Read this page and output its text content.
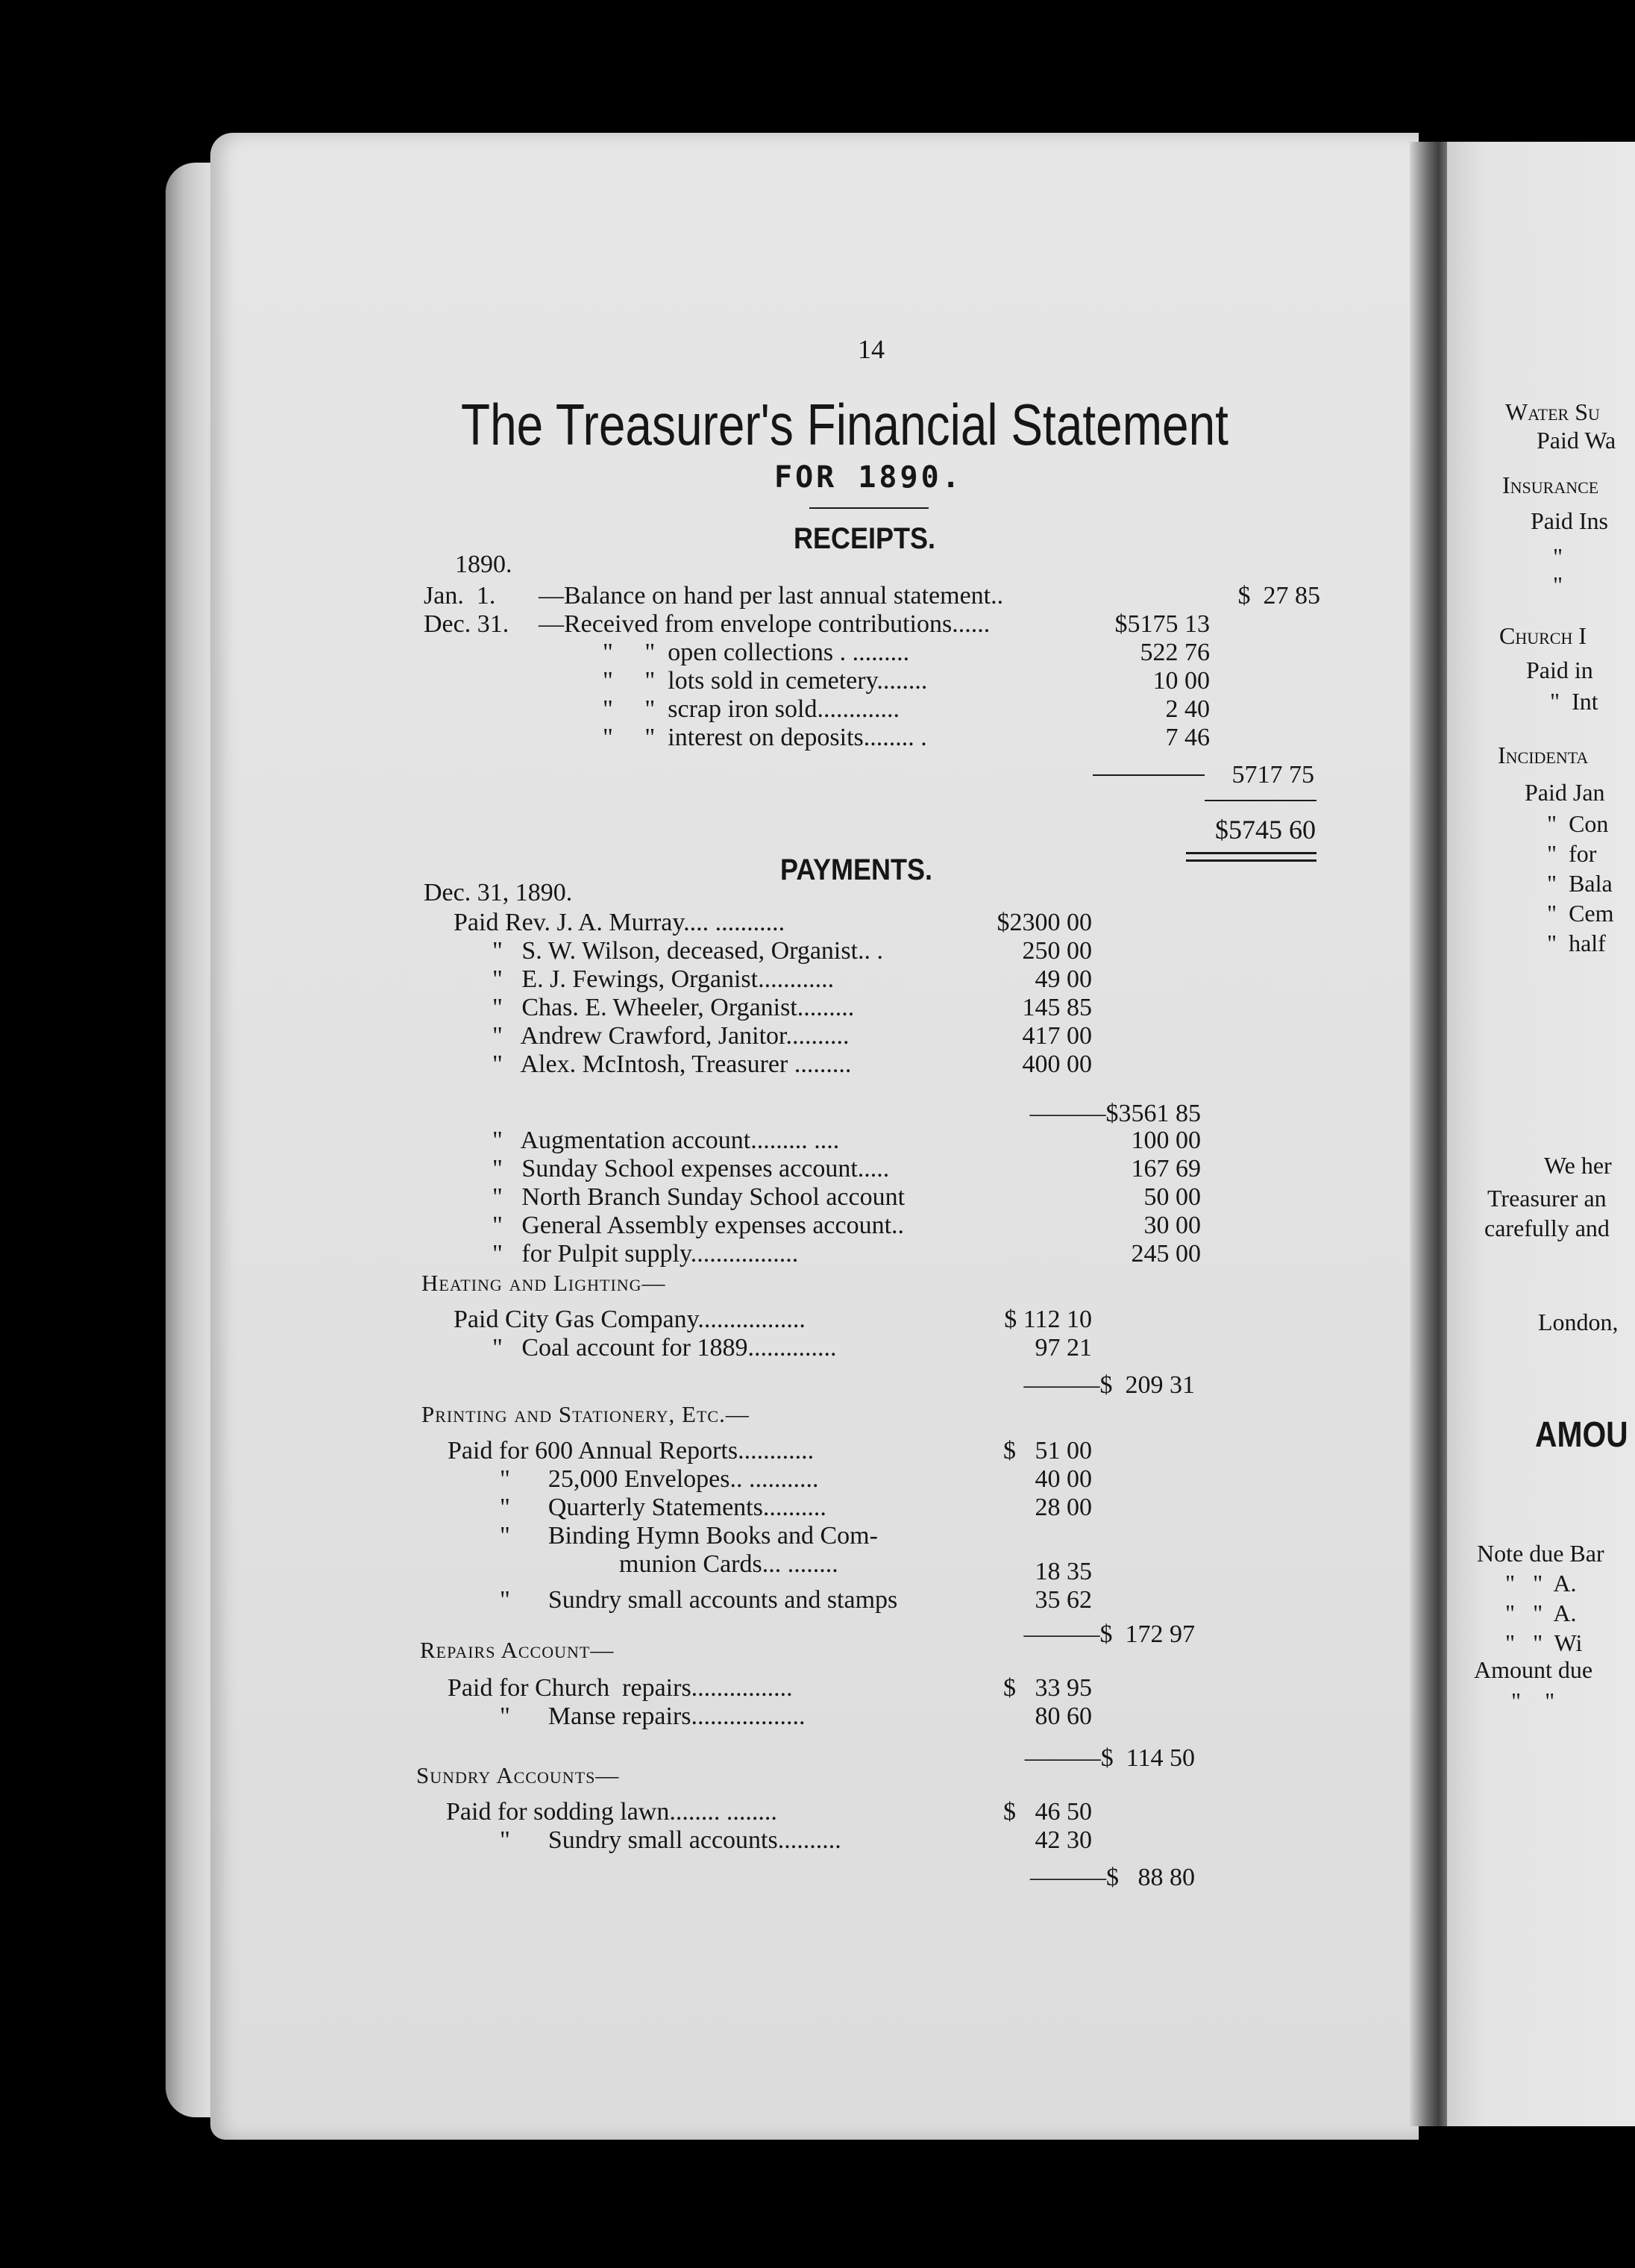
14
The Treasurer's Financial Statement
FOR 1890.
RECEIPTS.
1890.
Jan.  1. —Balance on hand per last annual statement..	$  27 85
Dec. 31. —Received from envelope contributions......	$5175 13
"     "  open collections . .........	522 76
"     "  lots sold in cemetery........	10 00
"     "  scrap iron sold.............	2 40
"     "  interest on deposits........ .	7 46
5717 75
$5745 60
PAYMENTS.
Dec. 31, 1890.
Paid Rev. J. A. Murray.... ...........	$2300 00
"   S. W. Wilson, deceased, Organist.. .	250 00
"   E. J. Fewings, Organist............	49 00
"   Chas. E. Wheeler, Organist.........	145 85
"   Andrew Crawford, Janitor..........	417 00
"   Alex. McIntosh, Treasurer .........	400 00
———$3561 85
"   Augmentation account......... ....	100 00
"   Sunday School expenses account.....	167 69
"   North Branch Sunday School account	50 00
"   General Assembly expenses account..	30 00
"   for Pulpit supply.................	245 00
Heating and Lighting—
Paid City Gas Company.................	$ 112 10
"   Coal account for 1889..............	97 21
———$  209 31
Printing and Stationery, Etc.—
Paid for 600 Annual Reports............	$   51 00
"      25,000 Envelopes.. ...........	40 00
"      Quarterly Statements..........	28 00
"      Binding Hymn Books and Com-
munion Cards... ........	18 35
"      Sundry small accounts and stamps	35 62
———$  172 97
Repairs Account—
Paid for Church  repairs................	$   33 95
"      Manse repairs..................	80 60
———$  114 50
Sundry Accounts—
Paid for sodding lawn........ ........	$   46 50
"      Sundry small accounts..........	42 30
———$   88 80
Water Su
Paid Wa
Insurance
Paid Ins
"
"
Church I
Paid in
"  Int
Incidenta
Paid Jan
"  Con
"  for
"  Bala
"  Cem
"  half
We her
Treasurer an
carefully and
London,
AMOU
Note due Bar
"   "  A.
"   "  A.
"   "  Wi
Amount due
"    "
